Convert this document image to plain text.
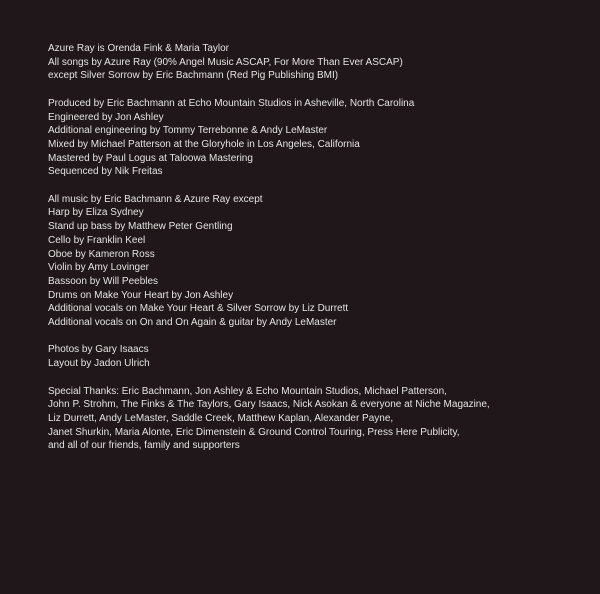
Azure Ray is Orenda Fink & Maria Taylor
All songs by Azure Ray (90% Angel Music ASCAP, For More Than Ever ASCAP)
except Silver Sorrow by Eric Bachmann (Red Pig Publishing BMI)
Produced by Eric Bachmann at Echo Mountain Studios in Asheville, North Carolina
Engineered by Jon Ashley
Additional engineering by Tommy Terrebonne & Andy LeMaster
Mixed by Michael Patterson at the Gloryhole in Los Angeles, California
Mastered by Paul Logus at Taloowa Mastering
Sequenced by Nik Freitas
All music by Eric Bachmann & Azure Ray except
Harp by Eliza Sydney
Stand up bass by Matthew Peter Gentling
Cello by Franklin Keel
Oboe by Kameron Ross
Violin by Amy Lovinger
Bassoon by Will Peebles
Drums on Make Your Heart by Jon Ashley
Additional vocals on Make Your Heart & Silver Sorrow by Liz Durrett
Additional vocals on On and On Again & guitar by Andy LeMaster
Photos by Gary Isaacs
Layout by Jadon Ulrich
Special Thanks: Eric Bachmann, Jon Ashley & Echo Mountain Studios, Michael Patterson,
John P. Strohm, The Finks & The Taylors, Gary Isaacs, Nick Asokan & everyone at Niche Magazine,
Liz Durrett, Andy LeMaster, Saddle Creek, Matthew Kaplan, Alexander Payne,
Janet Shurkin, Maria Alonte, Eric Dimenstein & Ground Control Touring, Press Here Publicity,
and all of our friends, family and supporters
